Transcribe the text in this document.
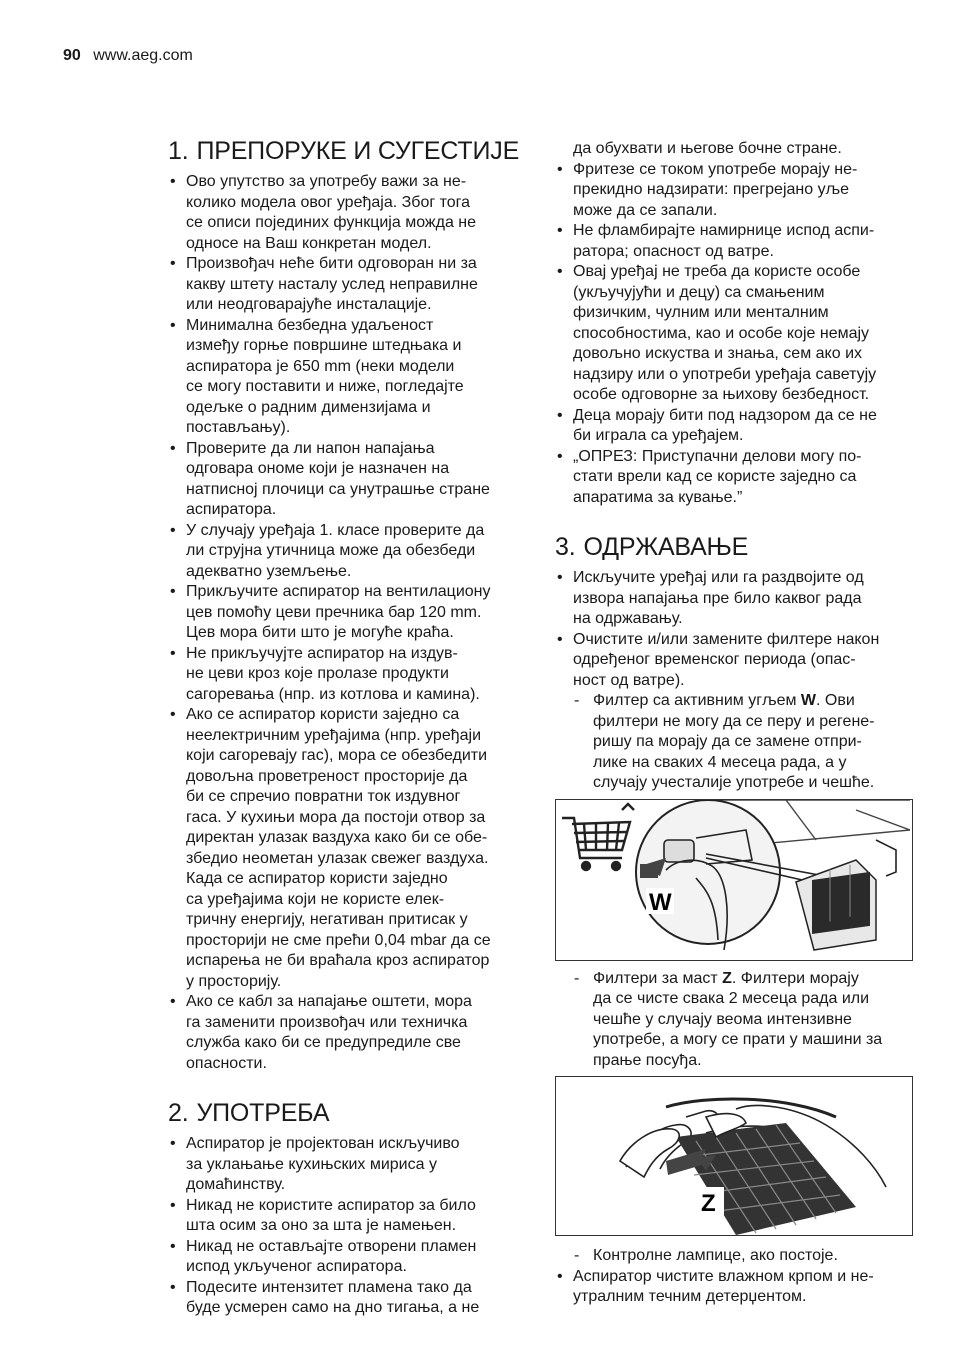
90 www.aeg.com
1. ПРЕПОРУКЕ И СУГЕСТИЈЕ
• Ово упутство за употребу важи за не-
колико модела овог уређаја. Због тога
се описи појединих функција можда не
односе на Ваш конкретан модел.
• Произвођач неће бити одговоран ни за
какву штету насталу услед неправилне
или неодговарајуће инсталације.
• Минимална безбедна удаљеност
између горње површине штедњака и
аспиратора је 650 mm (неки модели
се могу поставити и ниже, погледајте
одељке о радним димензијама и
постављању).
• Проверите да ли напон напајања
одговара ономе који је назначен на
натписној плочици са унутрашње стране
аспиратора.
• У случају уређаја 1. класе проверите да
ли струјна утичница може да обезбеди
адекватно уземљење.
• Прикључите аспиратор на вентилациону
цев помоћу цеви пречника бар 120 mm.
Цев мора бити што је могуће краћа.
• Не прикључујте аспиратор на издув-
не цеви кроз које пролазе продукти
сагоревања (нпр. из котлова и камина).
• Ако се аспиратор користи заједно са
неелектричним уређајима (нпр. уређаји
који сагоревају гас), мора се обезбедити
довољна проветреност просторије да
би се спречио повратни ток издувног
гаса. У кухињи мора да постоји отвор за
директан улазак ваздуха како би се обе-
збедио неометан улазак свежег ваздуха.
Када се аспиратор користи заједно
са уређајима који не користе елек-
тричну енергију, негативан притисак у
просторији не сме прећи 0,04 mbar да се
испарења не би враћала кроз аспиратор
у просторију.
• Ако се кабл за напајање оштети, мора
га заменити произвођач или техничка
служба како би се предупредиле све
опасности.
2. УПОТРЕБА
• Аспиратор је пројектован искључиво
за уклањање кухињских мириса у
домаћинству.
• Никад не користите аспиратор за било
шта осим за оно за шта је намењен.
• Никад не остављајте отворени пламен
испод укљученог аспиратора.
• Подесите интензитет пламена тако да
буде усмерен само на дно тигања, а не
да обухвати и његове бочне стране.
• Фритезе се током употребе морају не-
прекидно надзирати: прегрејано уље
може да се запали.
• Не фламбирајте намирнице испод аспи-
ратора; опасност од ватре.
• Овај уређај не треба да користе особе
(укључујући и децу) са смањеним
физичким, чулним или менталним
способностима, као и особе које немају
довољно искуства и знања, сем ако их
надзиру или о употреби уређаја саветују
особе одговорне за њихову безбедност.
• Деца морају бити под надзором да се не
би играла са уређајем.
• „ОПРЕЗ: Приступачни делови могу по-
стати врели кад се користе заједно са
апаратима за кување.”
3. ОДРЖАВАЊЕ
• Искључите уређај или га раздвојите од
извора напајања пре било каквог рада
на одржавању.
• Очистите и/или замените филтере након
одређеног временског периода (опас-
ност од ватре).
- Филтер са активним угљем W. Ови
филтери не могу да се перу и регене-
ришу па морају да се замене отпри-
лике на сваких 4 месеца рада, а у
случају учесталије употребе и чешће.
W
- Филтери за маст Z. Филтери морају
да се чисте свака 2 месеца рада или
чешће у случају веома интензивне
употребе, а могу се прати у машини за
прање посуђа.
Z
- Контролне лампице, ако постоје.
• Аспиратор чистите влажном крпом и не-
утралним течним детерџентом.
